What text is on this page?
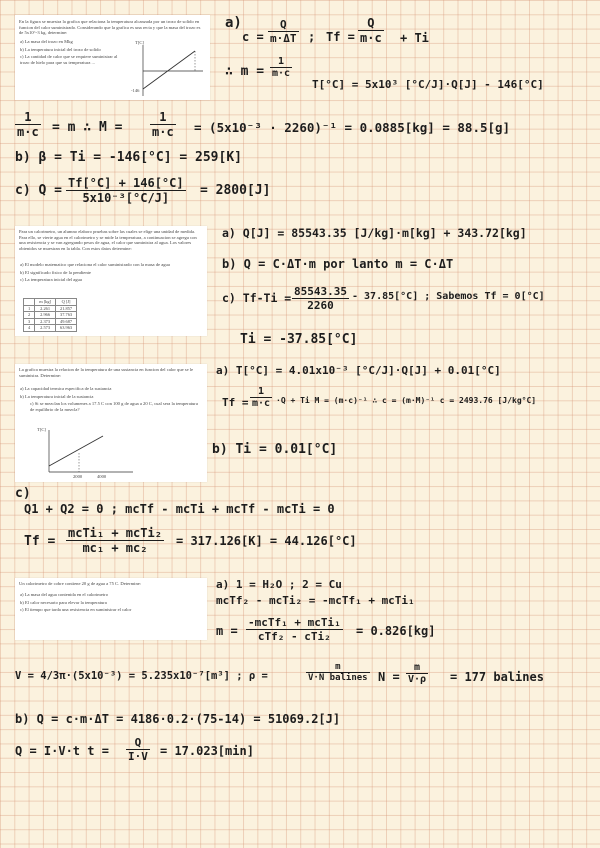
En la figura se muestra la grafica que relaciona la temperatura alcanzada por un trozo de solido en funcion del calor suministrado. Considerando que la grafica es una recta y que la masa del trozo es de 5x10^-3 kg, determine:

a) La masa del trozo en Mkg

b) La temperatura inicial del trozo de solido

c) La cantidad de calor que se requiere suministrar al trozo de hielo para que su temperatura ...

T[C]
-146
a)
$c = \frac{Q}{m\cdot\Delta T}$ ; $Tf = \frac{Q}{m\cdot c} + Ti$
∴ $m = \frac{1}{m\cdot c}$
T[°C] = 5x10³ [°C/J]·Q[J] - 146[°C]
$\frac{1}{m\cdot c} = m$ ∴ $M = \frac{1}{m\cdot c} = (5x10^{-3} \cdot 2260)^{-1} = 0.0885[kg] = 88.5[g]$
b) β = Ti = -146[°C] = 259[K]
c) $Q = \frac{Tf[^\circ C] + 146[^\circ C]}{\text{5x10⁻³[°C/J]}} = 2800[J]$

Para un calorimetro, un alumno elaboro pruebas sobre las cuales se elige una unidad de medida. Para ello, se vierte agua en el calorimetro y se mide la temperatura, a continuacion se agrega con una resistencia y se van agregando pesos de agua, el calor que suministra al agua. Los valores obtenidos se muestran en la tabla. Con estos datos determine:

a) El modelo matematico que relaciona el calor suministrado con la masa de agua

b) El significado fisico de la pendiente

c) La temperatura inicial del agua

	m [kg]	Q [J]
1	2.261	21.857
2	2.966	37.763
3	2.373	49.687
4	2.573	63.963
a) Q[J] = 85543.35 [J/kg]·m[kg] + 343.72[kg]
b) Q = C·ΔT·m por lanto m = C·ΔT
c) $Tf-Ti = \frac{85543.35}{2260} - 37.85[^\circ C]$ ; Sabemos Tf = 0[°C]
Ti = -37.85[°C]

La grafica muestra la relacion de la temperatura de una sustancia en funcion del calor que se le suministra. Determine:

a) La capacidad termica especifica de la sustancia

b) La temperatura inicial de la sustancia

c) Si se mezclan los volumenes a 17.5 C con 100 g de agua a 20 C, cual sera la temperatura de equilibrio de la mezcla?

T[C]
2000	4000
a) T[°C] = 4.01x10⁻³ [°C/J]·Q[J] + 0.01[°C]
$Tf = \frac{1}{m\cdot c} \cdot Q + Ti$ M = (m·c)⁻¹ ∴ c = (m·M)⁻¹ c = 2493.76 [J/kg°C]
b) Ti = 0.01[°C]
c)
Q1 + Q2 = 0 ; mcTf - mcTi + mcTf - mcTi = 0
Tf =
mcTi₁ + mcTi₂
mc₁ + mc₂	= 317.126[K] = 44.126[°C]

Un calorimetro de cobre contiene 20 g de agua a 75 C. Determine:

a) La masa del agua contenida en el calorimetro

b) El calor necesario para elevar la temperatura

c) El tiempo que tarda una resistencia en suministrar el calor

a) 1 = H₂O ; 2 = Cu
mcTf₂ - mcTi₂ = -mcTf₁ + mcTi₁
m =
-mcTf₁ + mcTi₁
cTf₂ - cTi₂	= 0.826[kg]
V = 4/3π·(5x10⁻³) = 5.235x10⁻⁷[m³] ; ρ =
m
V·N balines $N = \frac{m}{V\cdot\rho} = 177$ balines
b) Q = c·m·ΔT = 4186·0.2·(75-14) = 51069.2[J]
Q = I·V·t $t = \frac{Q}{I\cdot V} = 17.023[\min]$
